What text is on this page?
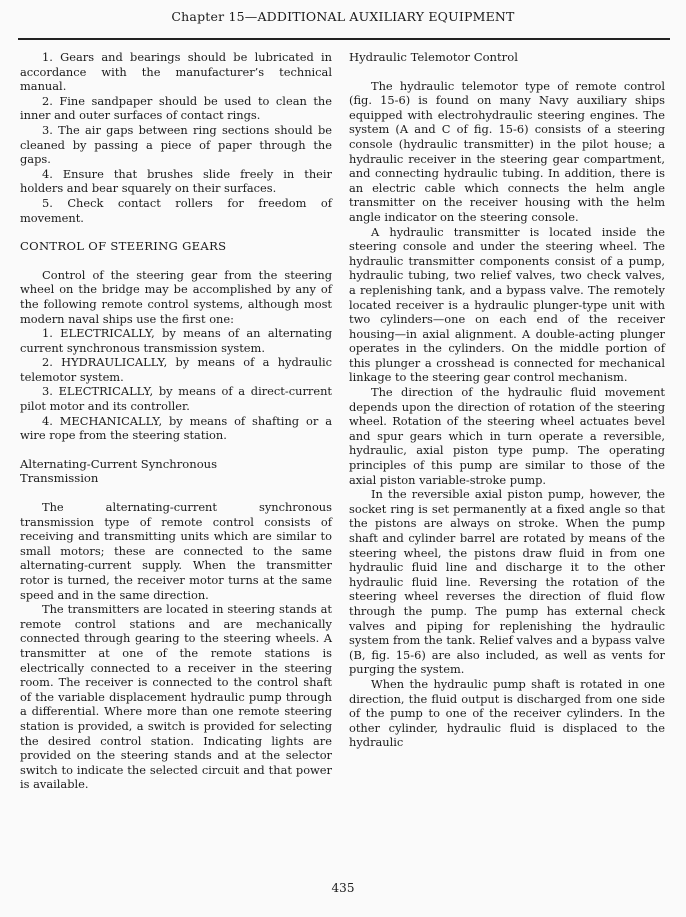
Chapter 15—ADDITIONAL AUXILIARY EQUIPMENT

1. Gears and bearings should be lubricated in accordance with the manufacturer’s technical manual.

2. Fine sandpaper should be used to clean the inner and outer surfaces of contact rings.

3. The air gaps between ring sections should be cleaned by passing a piece of paper through the gaps.

4. Ensure that brushes slide freely in their holders and bear squarely on their surfaces.

5. Check contact rollers for freedom of movement.

CONTROL OF STEERING GEARS

Control of the steering gear from the steering wheel on the bridge may be accomplished by any of the following remote control systems, although most modern naval ships use the first one:

1. ELECTRICALLY, by means of an alternating current synchronous transmission system.

2. HYDRAULICALLY, by means of a hydraulic telemotor system.

3. ELECTRICALLY, by means of a direct-current pilot motor and its controller.

4. MECHANICALLY, by means of shafting or a wire rope from the steering station.

Alternating-Current Synchronous Transmission

The alternating-current synchronous transmission type of remote control consists of receiving and transmitting units which are similar to small motors; these are connected to the same alternating-current supply. When the transmitter rotor is turned, the receiver motor turns at the same speed and in the same direction.

The transmitters are located in steering stands at remote control stations and are mechanically connected through gearing to the steering wheels. A transmitter at one of the remote stations is electrically connected to a receiver in the steering room. The receiver is connected to the control shaft of the variable displacement hydraulic pump through a differential. Where more than one remote steering station is provided, a switch is provided for selecting the desired control station. Indicating lights are provided on the steering stands and at the selector switch to indicate the selected circuit and that power is available.

Hydraulic Telemotor Control

The hydraulic telemotor type of remote control (fig. 15-6) is found on many Navy auxiliary ships equipped with electrohydraulic steering engines. The system (A and C of fig. 15-6) consists of a steering console (hydraulic transmitter) in the pilot house; a hydraulic receiver in the steering gear compartment, and connecting hydraulic tubing. In addition, there is an electric cable which connects the helm angle transmitter on the receiver housing with the helm angle indicator on the steering console.

A hydraulic transmitter is located inside the steering console and under the steering wheel. The hydraulic transmitter components consist of a pump, hydraulic tubing, two relief valves, two check valves, a replenishing tank, and a bypass valve. The remotely located receiver is a hydraulic plunger-type unit with two cylinders—one on each end of the receiver housing—in axial alignment. A double-acting plunger operates in the cylinders. On the middle portion of this plunger a crosshead is connected for mechanical linkage to the steering gear control mechanism.

The direction of the hydraulic fluid movement depends upon the direction of rotation of the steering wheel. Rotation of the steering wheel actuates bevel and spur gears which in turn operate a reversible, hydraulic, axial piston type pump. The operating principles of this pump are similar to those of the axial piston variable-stroke pump.

In the reversible axial piston pump, however, the socket ring is set permanently at a fixed angle so that the pistons are always on stroke. When the pump shaft and cylinder barrel are rotated by means of the steering wheel, the pistons draw fluid in from one hydraulic fluid line and discharge it to the other hydraulic fluid line. Reversing the rotation of the steering wheel reverses the direction of fluid flow through the pump. The pump has external check valves and piping for replenishing the hydraulic system from the tank. Relief valves and a bypass valve (B, fig. 15-6) are also included, as well as vents for purging the system.

When the hydraulic pump shaft is rotated in one direction, the fluid output is discharged from one side of the pump to one of the receiver cylinders. In the other cylinder, hydraulic fluid is displaced to the hydraulic

435
